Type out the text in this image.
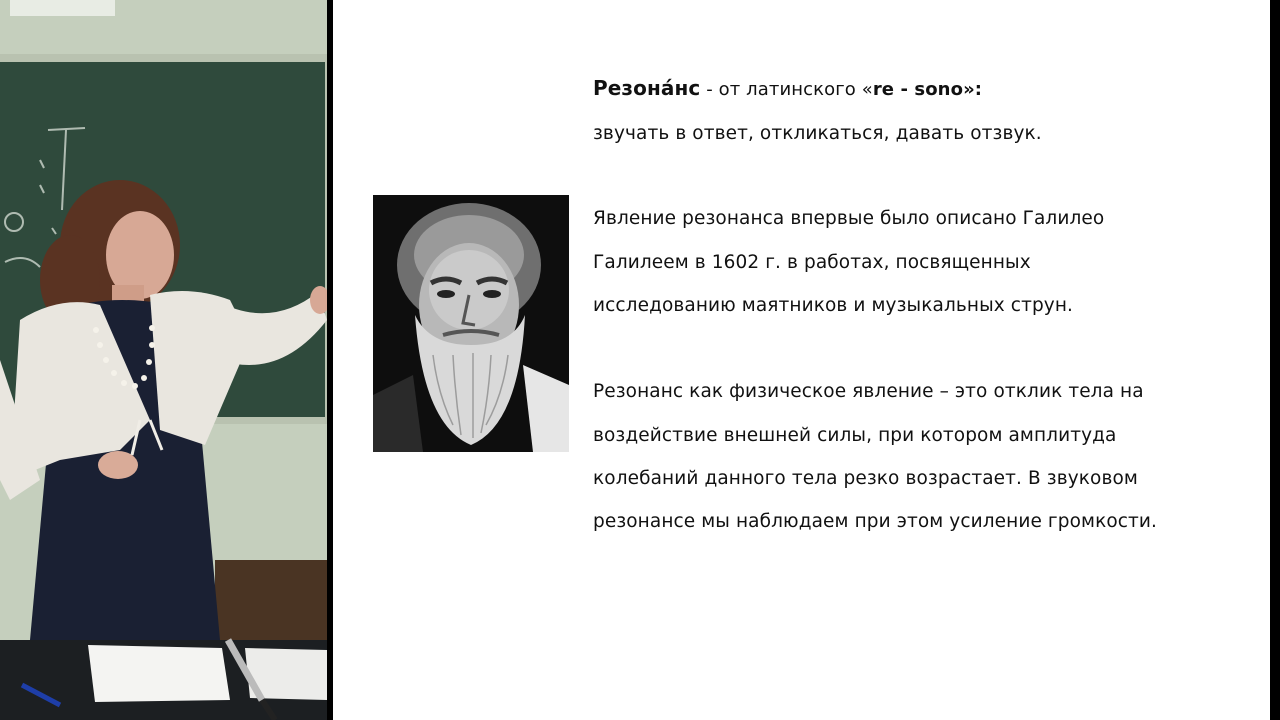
Резона́нс - от латинского «re - sono»:

звучать в ответ, откликаться, давать отзвук.

Явление резонанса впервые было описано Галилео

Галилеем в 1602 г. в работах, посвященных

исследованию маятников и музыкальных струн.

Резонанс как физическое явление – это отклик тела на

воздействие внешней силы, при котором амплитуда

колебаний данного тела резко возрастает. В звуковом

резонансе мы наблюдаем при этом усиление громкости.
